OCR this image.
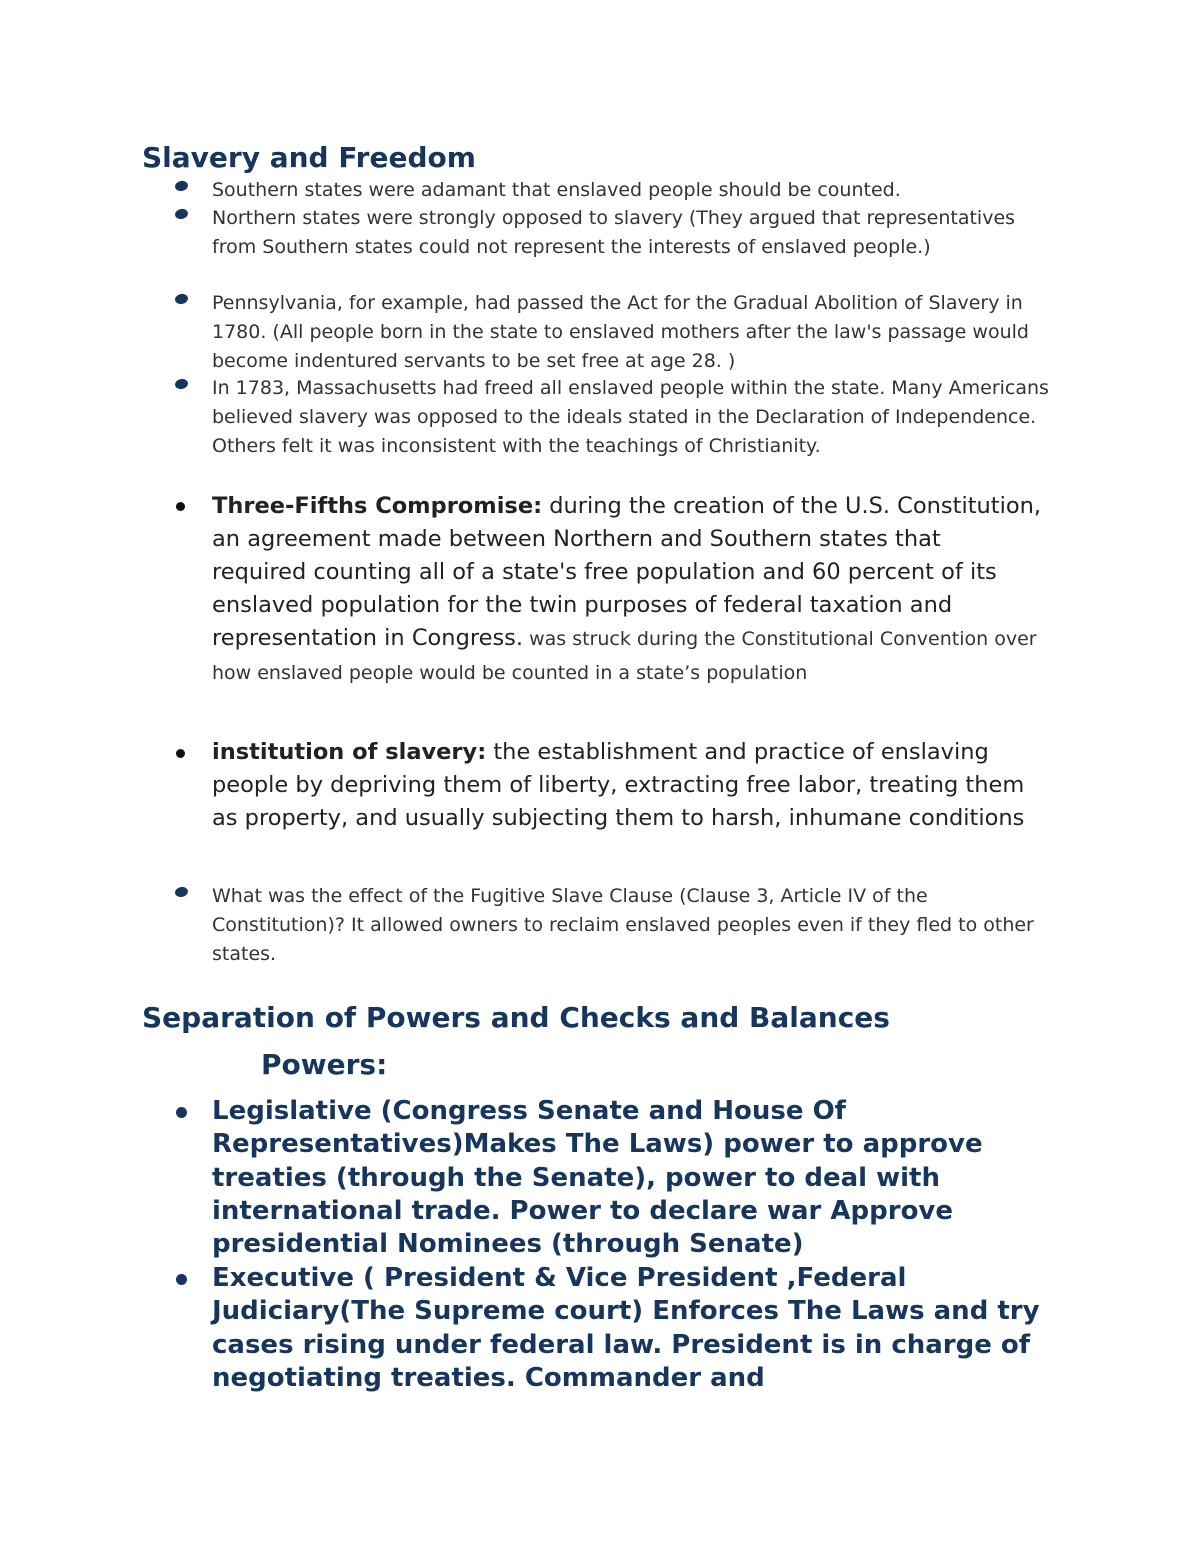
Slavery and Freedom

Southern states were adamant that enslaved people should be counted.

Northern states were strongly opposed to slavery (They argued that representatives from Southern states could not represent the interests of enslaved people.)

Pennsylvania, for example, had passed the Act for the Gradual Abolition of Slavery in 1780. (All people born in the state to enslaved mothers after the law's passage would become indentured servants to be set free at age 28. )

In 1783, Massachusetts had freed all enslaved people within the state. Many Americans believed slavery was opposed to the ideals stated in the Declaration of Independence. Others felt it was inconsistent with the teachings of Christianity.

Three-Fifths Compromise: during the creation of the U.S. Constitution, an agreement made between Northern and Southern states that required counting all of a state's free population and 60 percent of its enslaved population for the twin purposes of federal taxation and representation in Congress. was struck during the Constitutional Convention over how enslaved people would be counted in a state’s population

institution of slavery: the establishment and practice of enslaving people by depriving them of liberty, extracting free labor, treating them as property, and usually subjecting them to harsh, inhumane conditions

What was the effect of the Fugitive Slave Clause (Clause 3, Article IV of the Constitution)? It allowed owners to reclaim enslaved peoples even if they fled to other states.

Separation of Powers and Checks and Balances
Powers:

Legislative (Congress Senate and House Of Representatives)Makes The Laws) power to approve treaties (through the Senate), power to deal with international trade. Power to declare war Approve presidential Nominees (through Senate)

Executive ( President & Vice President ,Federal Judiciary(The Supreme court) Enforces The Laws and try cases rising under federal law. President is in charge of negotiating treaties. Commander and
